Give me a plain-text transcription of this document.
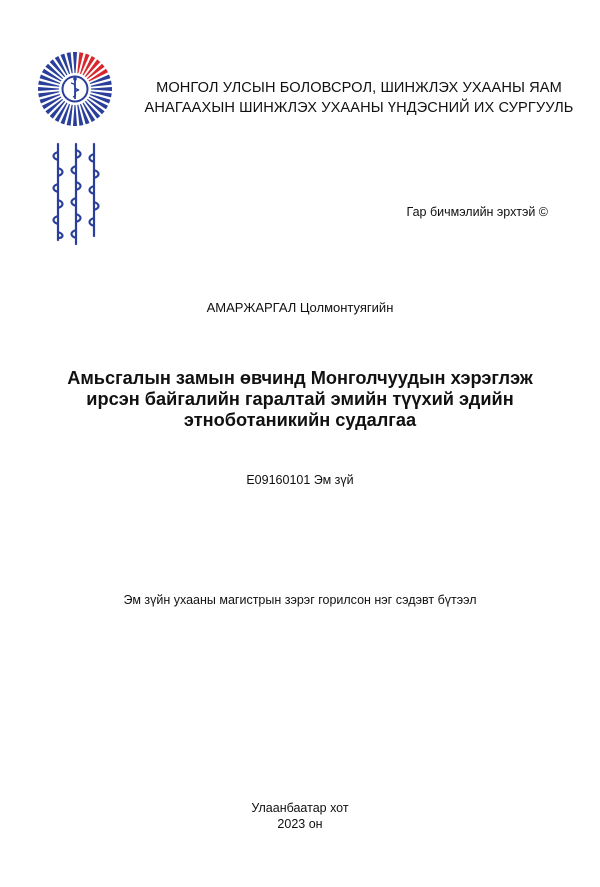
МОНГОЛ УЛСЫН БОЛОВСРОЛ, ШИНЖЛЭХ УХААНЫ ЯАМ
АНАГААХЫН ШИНЖЛЭХ УХААНЫ ҮНДЭСНИЙ ИХ СУРГУУЛЬ
Гар бичмэлийн эрхтэй ©
АМАРЖАРГАЛ Цолмонтуягийн
Амьсгалын замын өвчинд Монголчуудын хэрэглэж
ирсэн байгалийн гаралтай эмийн түүхий эдийн
этноботаникийн судалгаа
E09160101 Эм зүй
Эм зүйн ухааны магистрын зэрэг горилсон нэг сэдэвт бүтээл
Улаанбаатар хот
2023 он
